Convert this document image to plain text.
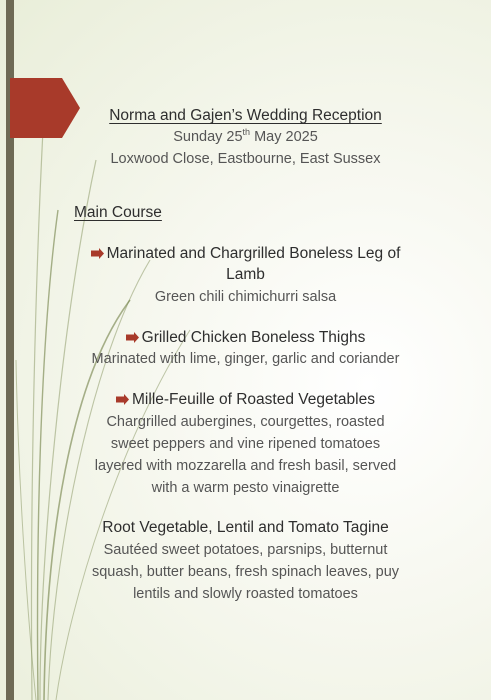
Norma and Gajen’s Wedding Reception
Sunday 25th May 2025
Loxwood Close, Eastbourne, East Sussex
Main Course
Marinated and Chargrilled Boneless Leg of
Lamb
Green chili chimichurri salsa
Grilled Chicken Boneless Thighs
Marinated with lime, ginger, garlic and coriander
Mille-Feuille of Roasted Vegetables
Chargrilled aubergines, courgettes, roasted
sweet peppers and vine ripened tomatoes
layered with mozzarella and fresh basil, served
with a warm pesto vinaigrette
Root Vegetable, Lentil and Tomato Tagine
Sautéed sweet potatoes, parsnips, butternut
squash, butter beans, fresh spinach leaves, puy
lentils and slowly roasted tomatoes
